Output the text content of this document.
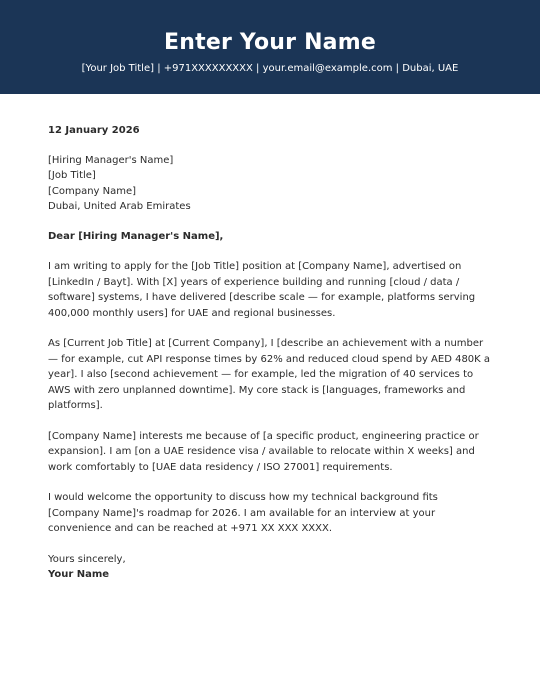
Enter Your Name
[Your Job Title] | +971XXXXXXXXX | your.email@example.com | Dubai, UAE
12 January 2026
[Hiring Manager's Name]
[Job Title]
[Company Name]
Dubai, United Arab Emirates
Dear [Hiring Manager's Name],
I am writing to apply for the [Job Title] position at [Company Name], advertised on [LinkedIn / Bayt]. With [X] years of experience building and running [cloud / data / software] systems, I have delivered [describe scale — for example, platforms serving 400,000 monthly users] for UAE and regional businesses.
As [Current Job Title] at [Current Company], I [describe an achievement with a number — for example, cut API response times by 62% and reduced cloud spend by AED 480K a year]. I also [second achievement — for example, led the migration of 40 services to AWS with zero unplanned downtime]. My core stack is [languages, frameworks and platforms].
[Company Name] interests me because of [a specific product, engineering practice or expansion]. I am [on a UAE residence visa / available to relocate within X weeks] and work comfortably to [UAE data residency / ISO 27001] requirements.
I would welcome the opportunity to discuss how my technical background fits [Company Name]'s roadmap for 2026. I am available for an interview at your convenience and can be reached at +971 XX XXX XXXX.
Yours sincerely,
Your Name
